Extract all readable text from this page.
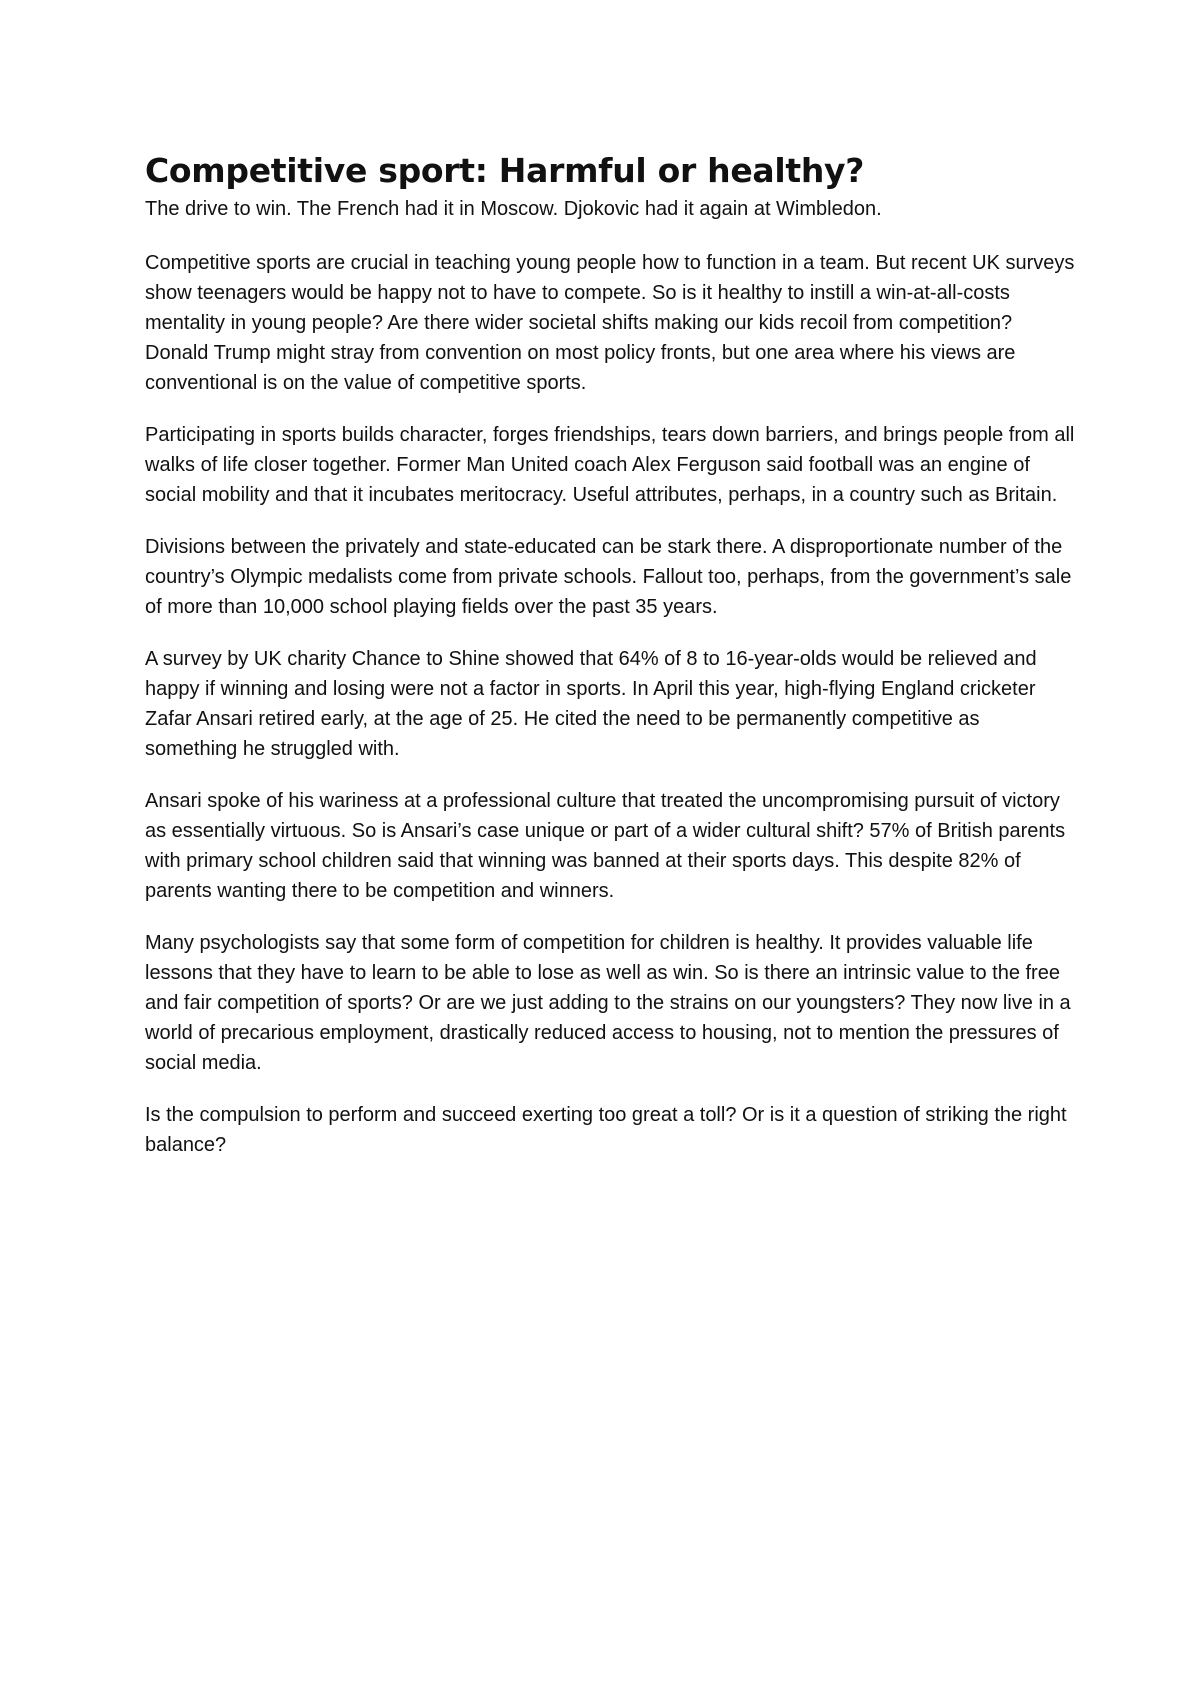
Competitive sport: Harmful or healthy?

The drive to win. The French had it in Moscow. Djokovic had it again at Wimbledon.

Competitive sports are crucial in teaching young people how to function in a team. But recent UK surveys show teenagers would be happy not to have to compete. So is it healthy to instill a win-at-all-costs mentality in young people? Are there wider societal shifts making our kids recoil from competition? Donald Trump might stray from convention on most policy fronts, but one area where his views are conventional is on the value of competitive sports.

Participating in sports builds character, forges friendships, tears down barriers, and brings people from all walks of life closer together. Former Man United coach Alex Ferguson said football was an engine of social mobility and that it incubates meritocracy. Useful attributes, perhaps, in a country such as Britain.

Divisions between the privately and state-educated can be stark there. A disproportionate number of the country’s Olympic medalists come from private schools. Fallout too, perhaps, from the government’s sale of more than 10,000 school playing fields over the past 35 years.

A survey by UK charity Chance to Shine showed that 64% of 8 to 16-year-olds would be relieved and happy if winning and losing were not a factor in sports. In April this year, high-flying England cricketer Zafar Ansari retired early, at the age of 25. He cited the need to be permanently competitive as something he struggled with.

Ansari spoke of his wariness at a professional culture that treated the uncompromising pursuit of victory as essentially virtuous. So is Ansari’s case unique or part of a wider cultural shift? 57% of British parents with primary school children said that winning was banned at their sports days. This despite 82% of parents wanting there to be competition and winners.

Many psychologists say that some form of competition for children is healthy. It provides valuable life lessons that they have to learn to be able to lose as well as win. So is there an intrinsic value to the free and fair competition of sports? Or are we just adding to the strains on our youngsters? They now live in a world of precarious employment, drastically reduced access to housing, not to mention the pressures of social media.

Is the compulsion to perform and succeed exerting too great a toll? Or is it a question of striking the right balance?
